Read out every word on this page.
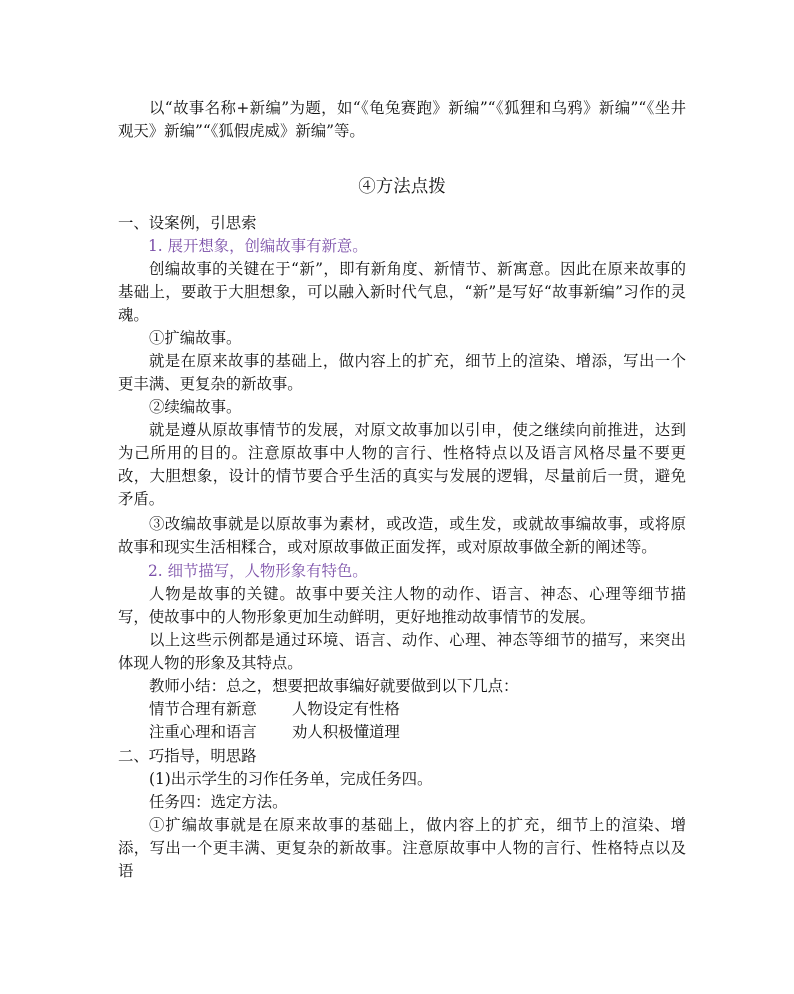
以“故事名称+新编”为题，如“《龟兔赛跑》新编”“《狐狸和乌鸦》新编”“《坐井观天》新编”“《狐假虎威》新编”等。

④方法点拨

一、设案例，引思索

1. 展开想象，创编故事有新意。

创编故事的关键在于“新”，即有新角度、新情节、新寓意。因此在原来故事的基础上，要敢于大胆想象，可以融入新时代气息，“新”是写好“故事新编”习作的灵魂。

①扩编故事。

就是在原来故事的基础上，做内容上的扩充，细节上的渲染、增添，写出一个更丰满、更复杂的新故事。

②续编故事。

就是遵从原故事情节的发展，对原文故事加以引申，使之继续向前推进，达到为己所用的目的。注意原故事中人物的言行、性格特点以及语言风格尽量不要更改，大胆想象，设计的情节要合乎生活的真实与发展的逻辑，尽量前后一贯，避免矛盾。

③改编故事就是以原故事为素材，或改造，或生发，或就故事编故事，或将原故事和现实生活相糅合，或对原故事做正面发挥，或对原故事做全新的阐述等。

2. 细节描写，人物形象有特色。

人物是故事的关键。故事中要关注人物的动作、语言、神态、心理等细节描写，使故事中的人物形象更加生动鲜明，更好地推动故事情节的发展。

以上这些示例都是通过环境、语言、动作、心理、神态等细节的描写，来突出体现人物的形象及其特点。

教师小结：总之，想要把故事编好就要做到以下几点：

情节合理有新意	人物设定有性格
注重心理和语言	劝人积极懂道理

二、巧指导，明思路

(1)出示学生的习作任务单，完成任务四。

任务四：选定方法。

①扩编故事就是在原来故事的基础上，做内容上的扩充，细节上的渲染、增添，写出一个更丰满、更复杂的新故事。注意原故事中人物的言行、性格特点以及语
